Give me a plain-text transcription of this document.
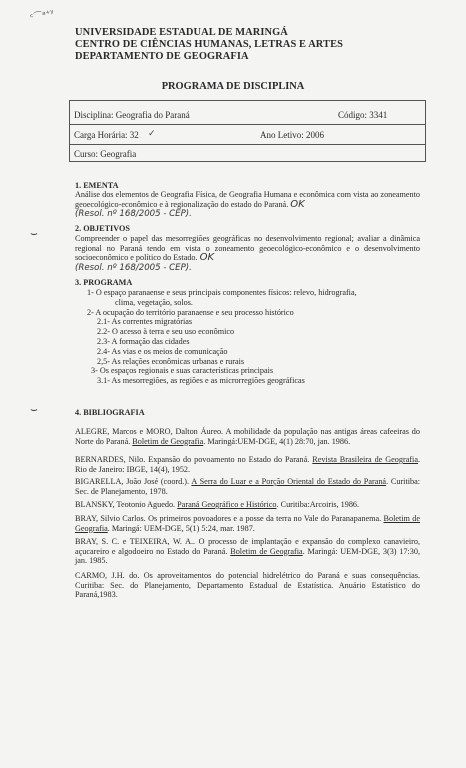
ᶜ⌒ᵃ⁺ʸ
UNIVERSIDADE ESTADUAL DE MARINGÁ
CENTRO DE CIÊNCIAS HUMANAS, LETRAS E ARTES
DEPARTAMENTO DE GEOGRAFIA
PROGRAMA DE DISCIPLINA
Disciplina: Geografia do Paraná	Código: 3341
Carga Horária: 32 ✓	Ano Letivo: 2006
Curso: Geografia
1. EMENTA
Análise dos elementos de Geografia Física, de Geografia Humana e econômica com vista ao zoneamento geoecológico-econômico e à regionalização do estado do Paraná. OK
(Resol. nº 168/2005 - CEP).
2. OBJETIVOS
Compreender o papel das mesorregiões geográficas no desenvolvimento regional; avaliar a dinâmica regional no Paraná tendo em vista o zoneamento geoecológico-econômico e o desenvolvimento socioeconômico e político do Estado. OK
(Resol. nº 168/2005 - CEP).
3. PROGRAMA
1- O espaço paranaense e seus principais componentes físicos: relevo, hidrografia,
clima, vegetação, solos.
2- A ocupação do território paranaense e seu processo histórico
2.1- As correntes migratórias
2.2- O acesso à terra e seu uso econômico
2.3- A formação das cidades
2.4- As vias e os meios de comunicação
2,5- As relações econômicas urbanas e rurais
3- Os espaços regionais e suas características principais
3.1- As mesorregiões, as regiões e as microrregiões geográficas
⌣
⌣	4. BIBLIOGRAFIA
ALEGRE, Marcos e MORO, Dalton Áureo. A mobilidade da população nas antigas áreas cafeeiras do Norte do Paraná. Boletim de Geografia. Maringá:UEM-DGE, 4(1) 28:70, jan. 1986.
BERNARDES, Nilo. Expansão do povoamento no Estado do Paraná. Revista Brasileira de Geografia. Rio de Janeiro: IBGE, 14(4), 1952.
BIGARELLA, João José (coord.). A Serra do Luar e a Porção Oriental do Estado do Paraná. Curitiba: Sec. de Planejamento, 1978.
BLANSKY, Teotonio Aguedo. Paraná Geográfico e Histórico. Curitiba:Arcoiris, 1986.
BRAY, Silvio Carlos. Os primeiros povoadores e a posse da terra no Vale do Paranapanema. Boletim de Geografia. Maringá: UEM-DGE, 5(1) 5:24, mar. 1987.
BRAY, S. C. e TEIXEIRA, W. A.. O processo de implantação e expansão do complexo canavieiro, açucareiro e algodoeiro no Estado do Paraná. Boletim de Geografia. Maringá: UEM-DGE, 3(3) 17:30, jan. 1985.
CARMO, J.H. do. Os aproveitamentos do potencial hidrelétrico do Paraná e suas consequências. Curitiba: Sec. do Planejamento, Departamento Estadual de Estatística. Anuário Estatístico do Paraná,1983.
